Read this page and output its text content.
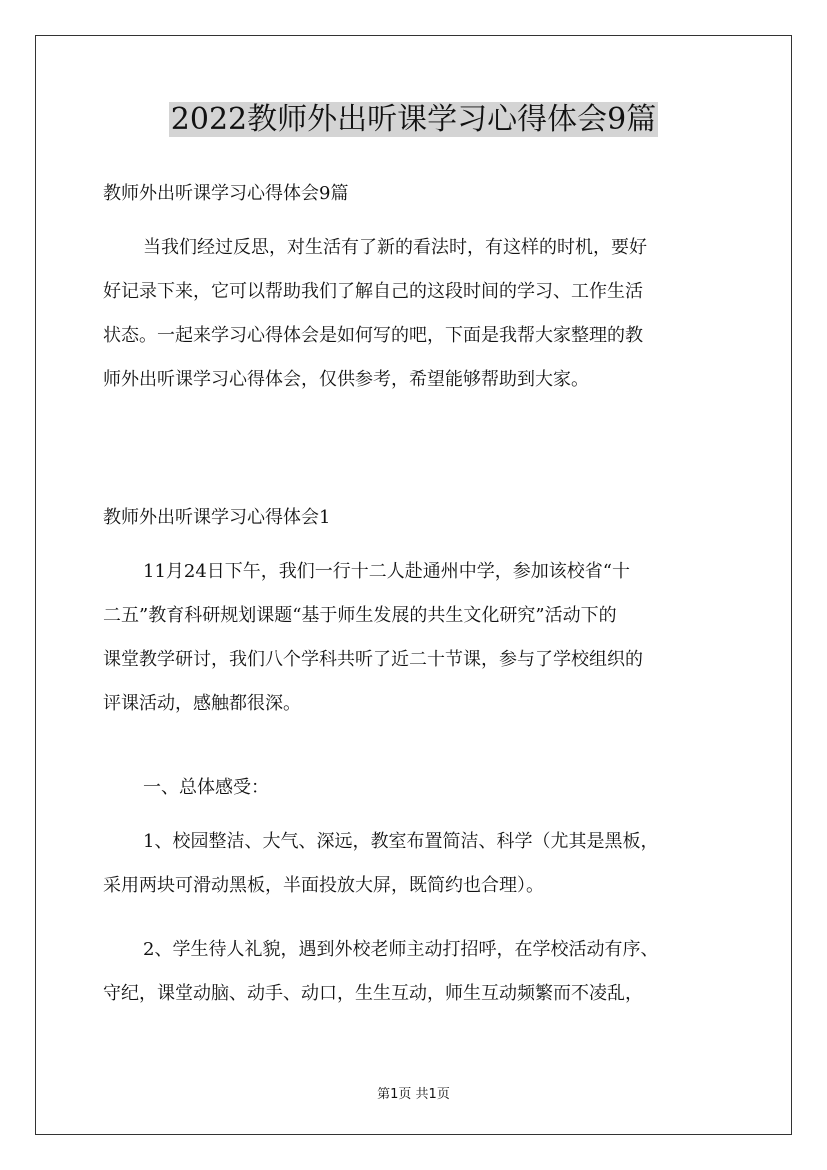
2022教师外出听课学习心得体会9篇

教师外出听课学习心得体会9篇

当我们经过反思，对生活有了新的看法时，有这样的时机，要好
好记录下来，它可以帮助我们了解自己的这段时间的学习、工作生活
状态。一起来学习心得体会是如何写的吧，下面是我帮大家整理的教
师外出听课学习心得体会，仅供参考，希望能够帮助到大家。

教师外出听课学习心得体会1

11月24日下午，我们一行十二人赴通州中学，参加该校省“十
二五”教育科研规划课题“基于师生发展的共生文化研究”活动下的
课堂教学研讨，我们八个学科共听了近二十节课，参与了学校组织的
评课活动，感触都很深。

一、总体感受：

1、校园整洁、大气、深远，教室布置简洁、科学（尤其是黑板，
采用两块可滑动黑板，半面投放大屏，既简约也合理）。

2、学生待人礼貌，遇到外校老师主动打招呼，在学校活动有序、
守纪，课堂动脑、动手、动口，生生互动，师生互动频繁而不凌乱，

第1页 共1页
